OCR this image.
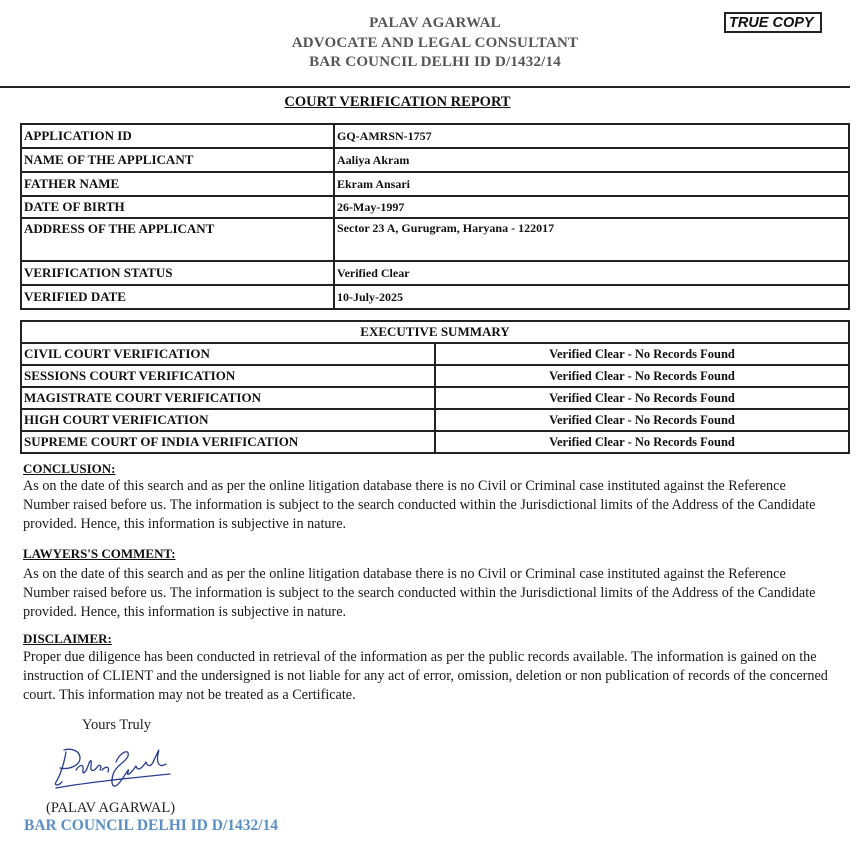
PALAV AGARWAL
ADVOCATE AND LEGAL CONSULTANT
BAR COUNCIL DELHI ID D/1432/14
TRUE COPY
COURT VERIFICATION REPORT
APPLICATION ID	GQ-AMRSN-1757
NAME OF THE APPLICANT	Aaliya Akram
FATHER NAME	Ekram Ansari
DATE OF BIRTH	26-May-1997
ADDRESS OF THE APPLICANT	Sector 23 A, Gurugram, Haryana - 122017
VERIFICATION STATUS	Verified Clear
VERIFIED DATE	10-July-2025
EXECUTIVE SUMMARY	
CIVIL COURT VERIFICATION	Verified Clear - No Records Found
SESSIONS COURT VERIFICATION	Verified Clear - No Records Found
MAGISTRATE COURT VERIFICATION	Verified Clear - No Records Found
HIGH COURT VERIFICATION	Verified Clear - No Records Found
SUPREME COURT OF INDIA VERIFICATION	Verified Clear - No Records Found
CONCLUSION:
As on the date of this search and as per the online litigation database there is no Civil or Criminal case instituted against the Reference Number raised before us. The information is subject to the search conducted within the Jurisdictional limits of the Address of the Candidate provided. Hence, this information is subjective in nature.
LAWYERS'S COMMENT:
As on the date of this search and as per the online litigation database there is no Civil or Criminal case instituted against the Reference Number raised before us. The information is subject to the search conducted within the Jurisdictional limits of the Address of the Candidate provided. Hence, this information is subjective in nature.
DISCLAIMER:
Proper due diligence has been conducted in retrieval of the information as per the public records available. The information is gained on the instruction of CLIENT and the undersigned is not liable for any act of error, omission, deletion or non publication of records of the concerned court. This information may not be treated as a Certificate.
Yours Truly
(PALAV AGARWAL)
BAR COUNCIL DELHI ID D/1432/14
